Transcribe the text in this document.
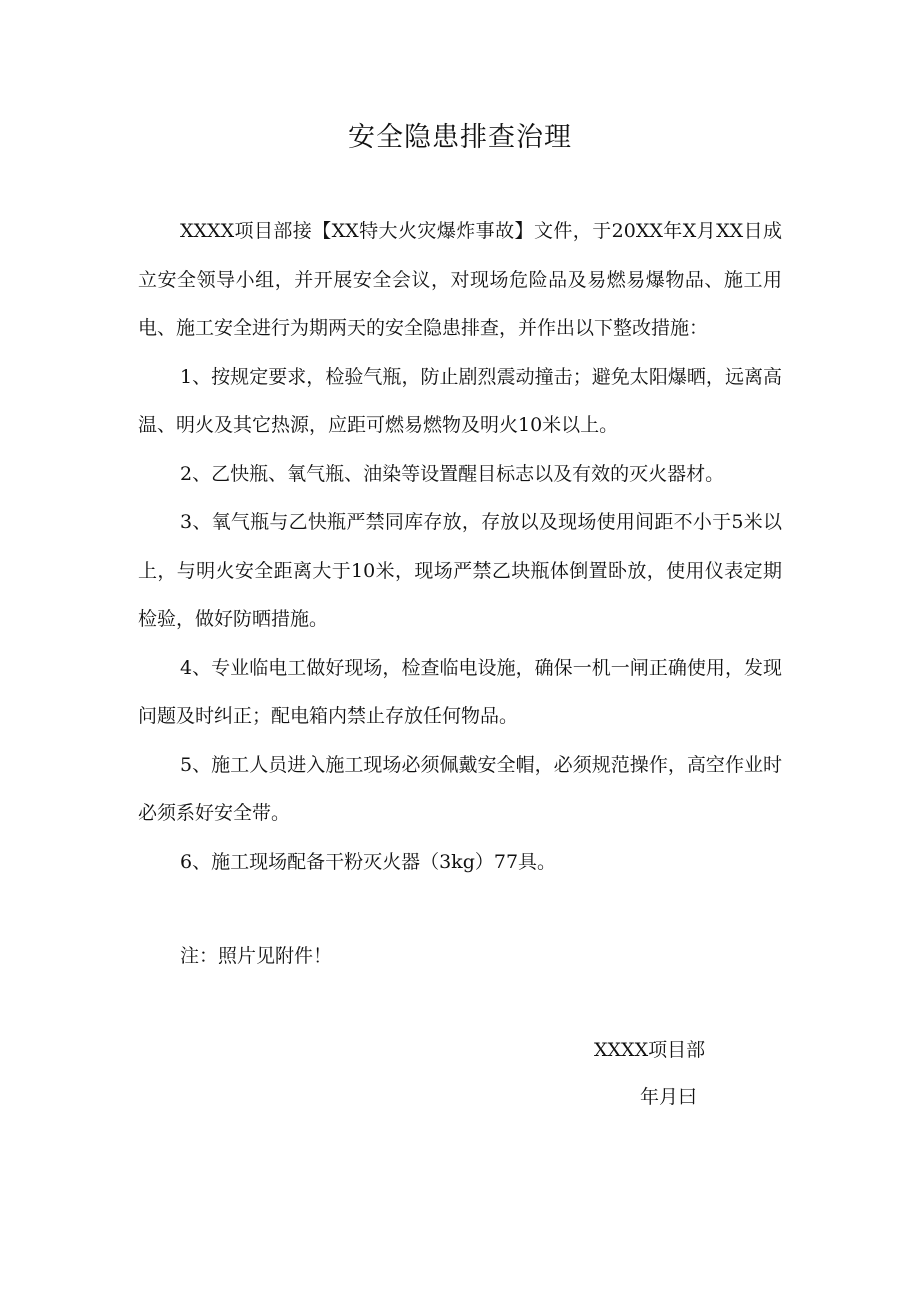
安全隐患排查治理

XXXX项目部接【XX特大火灾爆炸事故】文件，于20XX年X月XX日成立安全领导小组，并开展安全会议，对现场危险品及易燃易爆物品、施工用电、施工安全进行为期两天的安全隐患排查，并作出以下整改措施：

1、按规定要求，检验气瓶，防止剧烈震动撞击；避免太阳爆晒，远离高温、明火及其它热源，应距可燃易燃物及明火10米以上。

2、乙快瓶、氧气瓶、油染等设置醒目标志以及有效的灭火器材。

3、氧气瓶与乙快瓶严禁同库存放，存放以及现场使用间距不小于5米以上，与明火安全距离大于10米，现场严禁乙块瓶体倒置卧放，使用仪表定期检验，做好防晒措施。

4、专业临电工做好现场，检查临电设施，确保一机一闸正确使用，发现问题及时纠正；配电箱内禁止存放任何物品。

5、施工人员进入施工现场必须佩戴安全帽，必须规范操作，高空作业时必须系好安全带。

6、施工现场配备干粉灭火器（3kg）77具。

注：照片见附件！
XXXX项目部
年月曰
